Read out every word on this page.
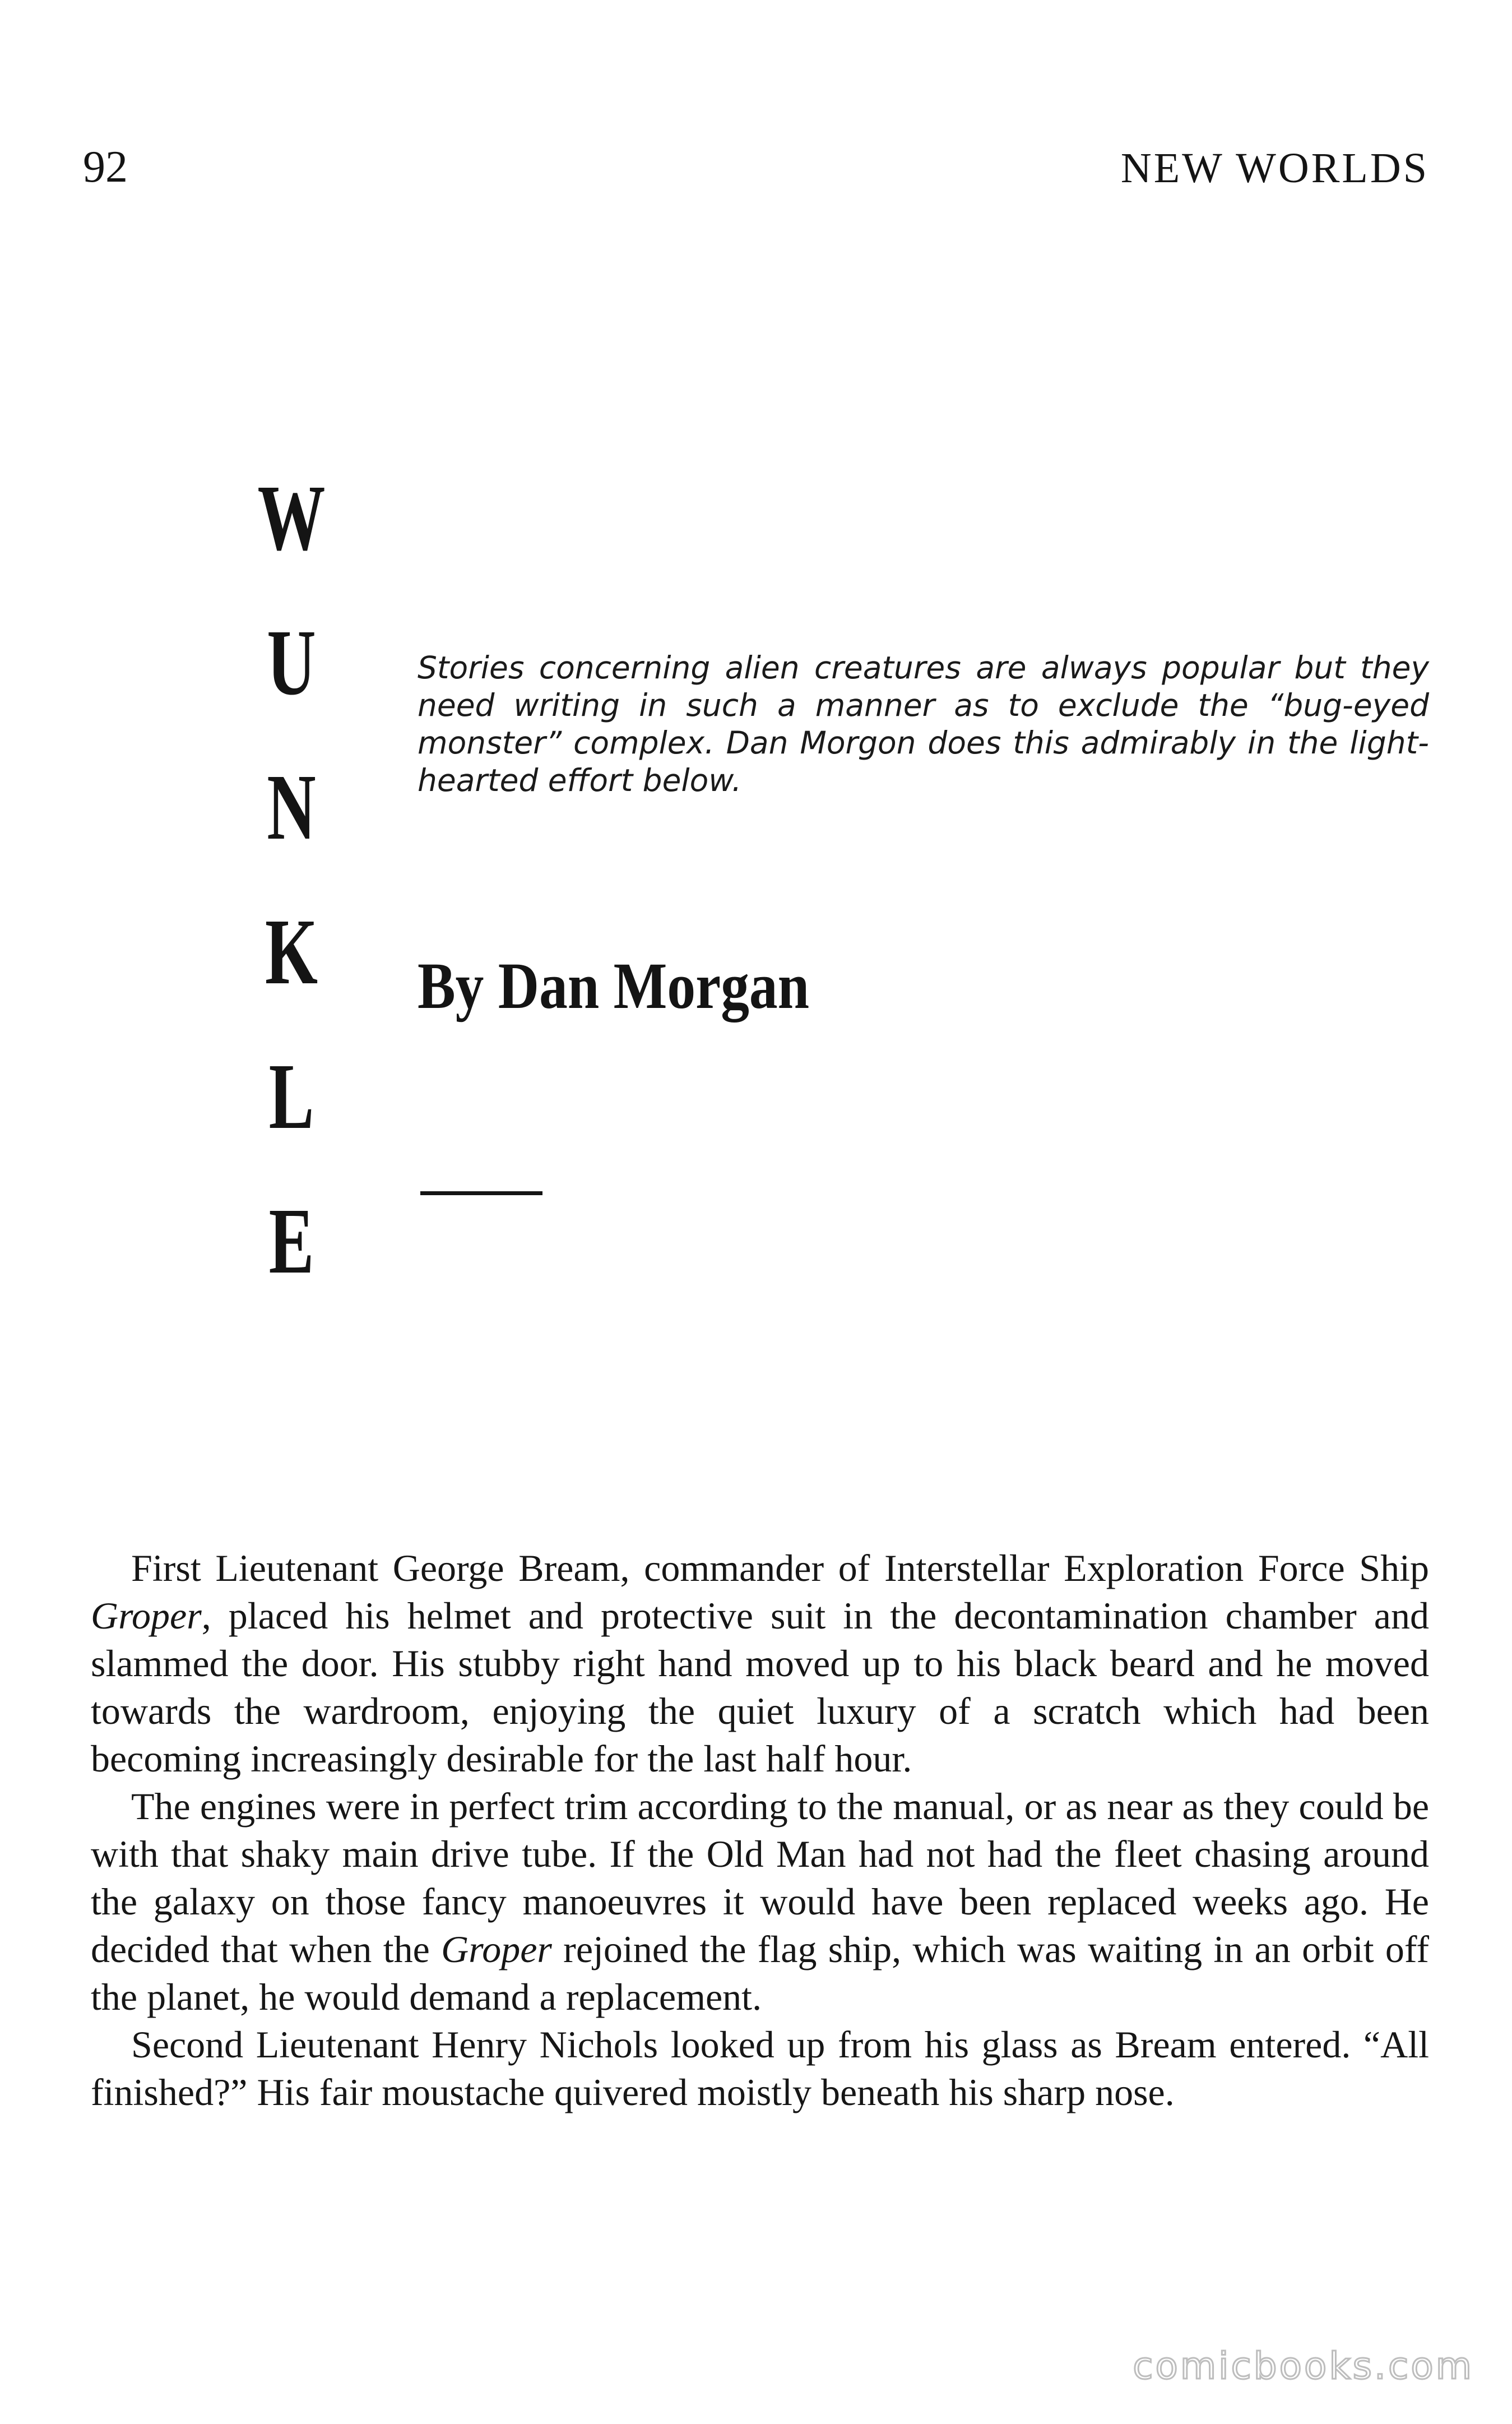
92	NEW WORLDS
W
U
N
K
L
E
Stories concerning alien creatures are always popular but they need writing in such a manner as to exclude the “bug-eyed monster” complex. Dan Morgon does this admirably in the light-hearted effort below.
By Dan Morgan

First Lieutenant George Bream, commander of Interstellar Exploration Force Ship Groper, placed his helmet and protective suit in the decontamination chamber and slammed the door. His stubby right hand moved up to his black beard and he moved towards the wardroom, enjoying the quiet luxury of a scratch which had been becoming increasingly desirable for the last half hour.

The engines were in perfect trim according to the manual, or as near as they could be with that shaky main drive tube. If the Old Man had not had the fleet chasing around the galaxy on those fancy manoeuvres it would have been replaced weeks ago. He decided that when the Groper rejoined the flag ship, which was waiting in an orbit off the planet, he would demand a replacement.

Second Lieutenant Henry Nichols looked up from his glass as Bream entered. “All finished?” His fair moustache quivered moistly beneath his sharp nose.

comicbooks.com
